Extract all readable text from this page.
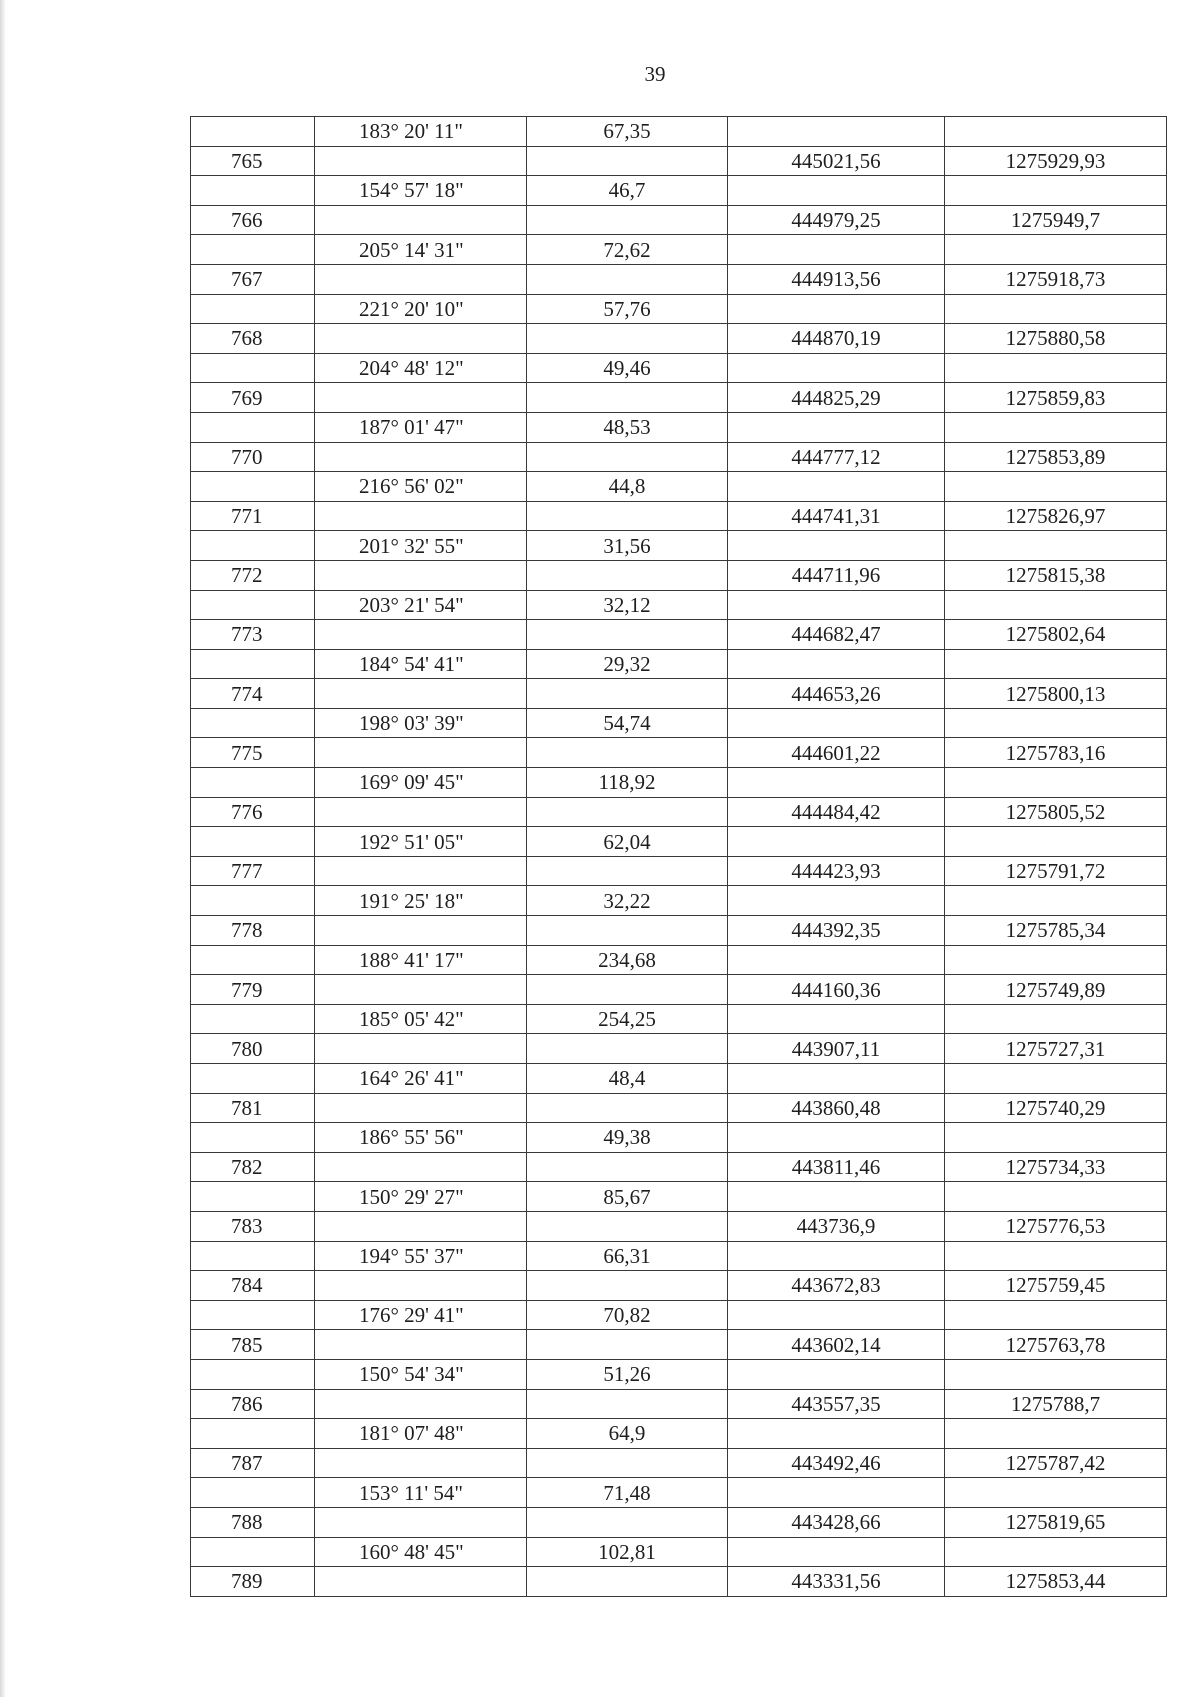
39
	183° 20' 11"	67,35		
765			445021,56	1275929,93
	154° 57' 18"	46,7		
766			444979,25	1275949,7
	205° 14' 31"	72,62		
767			444913,56	1275918,73
	221° 20' 10"	57,76		
768			444870,19	1275880,58
	204° 48' 12"	49,46		
769			444825,29	1275859,83
	187° 01' 47"	48,53		
770			444777,12	1275853,89
	216° 56' 02"	44,8		
771			444741,31	1275826,97
	201° 32' 55"	31,56		
772			444711,96	1275815,38
	203° 21' 54"	32,12		
773			444682,47	1275802,64
	184° 54' 41"	29,32		
774			444653,26	1275800,13
	198° 03' 39"	54,74		
775			444601,22	1275783,16
	169° 09' 45"	118,92		
776			444484,42	1275805,52
	192° 51' 05"	62,04		
777			444423,93	1275791,72
	191° 25' 18"	32,22		
778			444392,35	1275785,34
	188° 41' 17"	234,68		
779			444160,36	1275749,89
	185° 05' 42"	254,25		
780			443907,11	1275727,31
	164° 26' 41"	48,4		
781			443860,48	1275740,29
	186° 55' 56"	49,38		
782			443811,46	1275734,33
	150° 29' 27"	85,67		
783			443736,9	1275776,53
	194° 55' 37"	66,31		
784			443672,83	1275759,45
	176° 29' 41"	70,82		
785			443602,14	1275763,78
	150° 54' 34"	51,26		
786			443557,35	1275788,7
	181° 07' 48"	64,9		
787			443492,46	1275787,42
	153° 11' 54"	71,48		
788			443428,66	1275819,65
	160° 48' 45"	102,81		
789			443331,56	1275853,44
